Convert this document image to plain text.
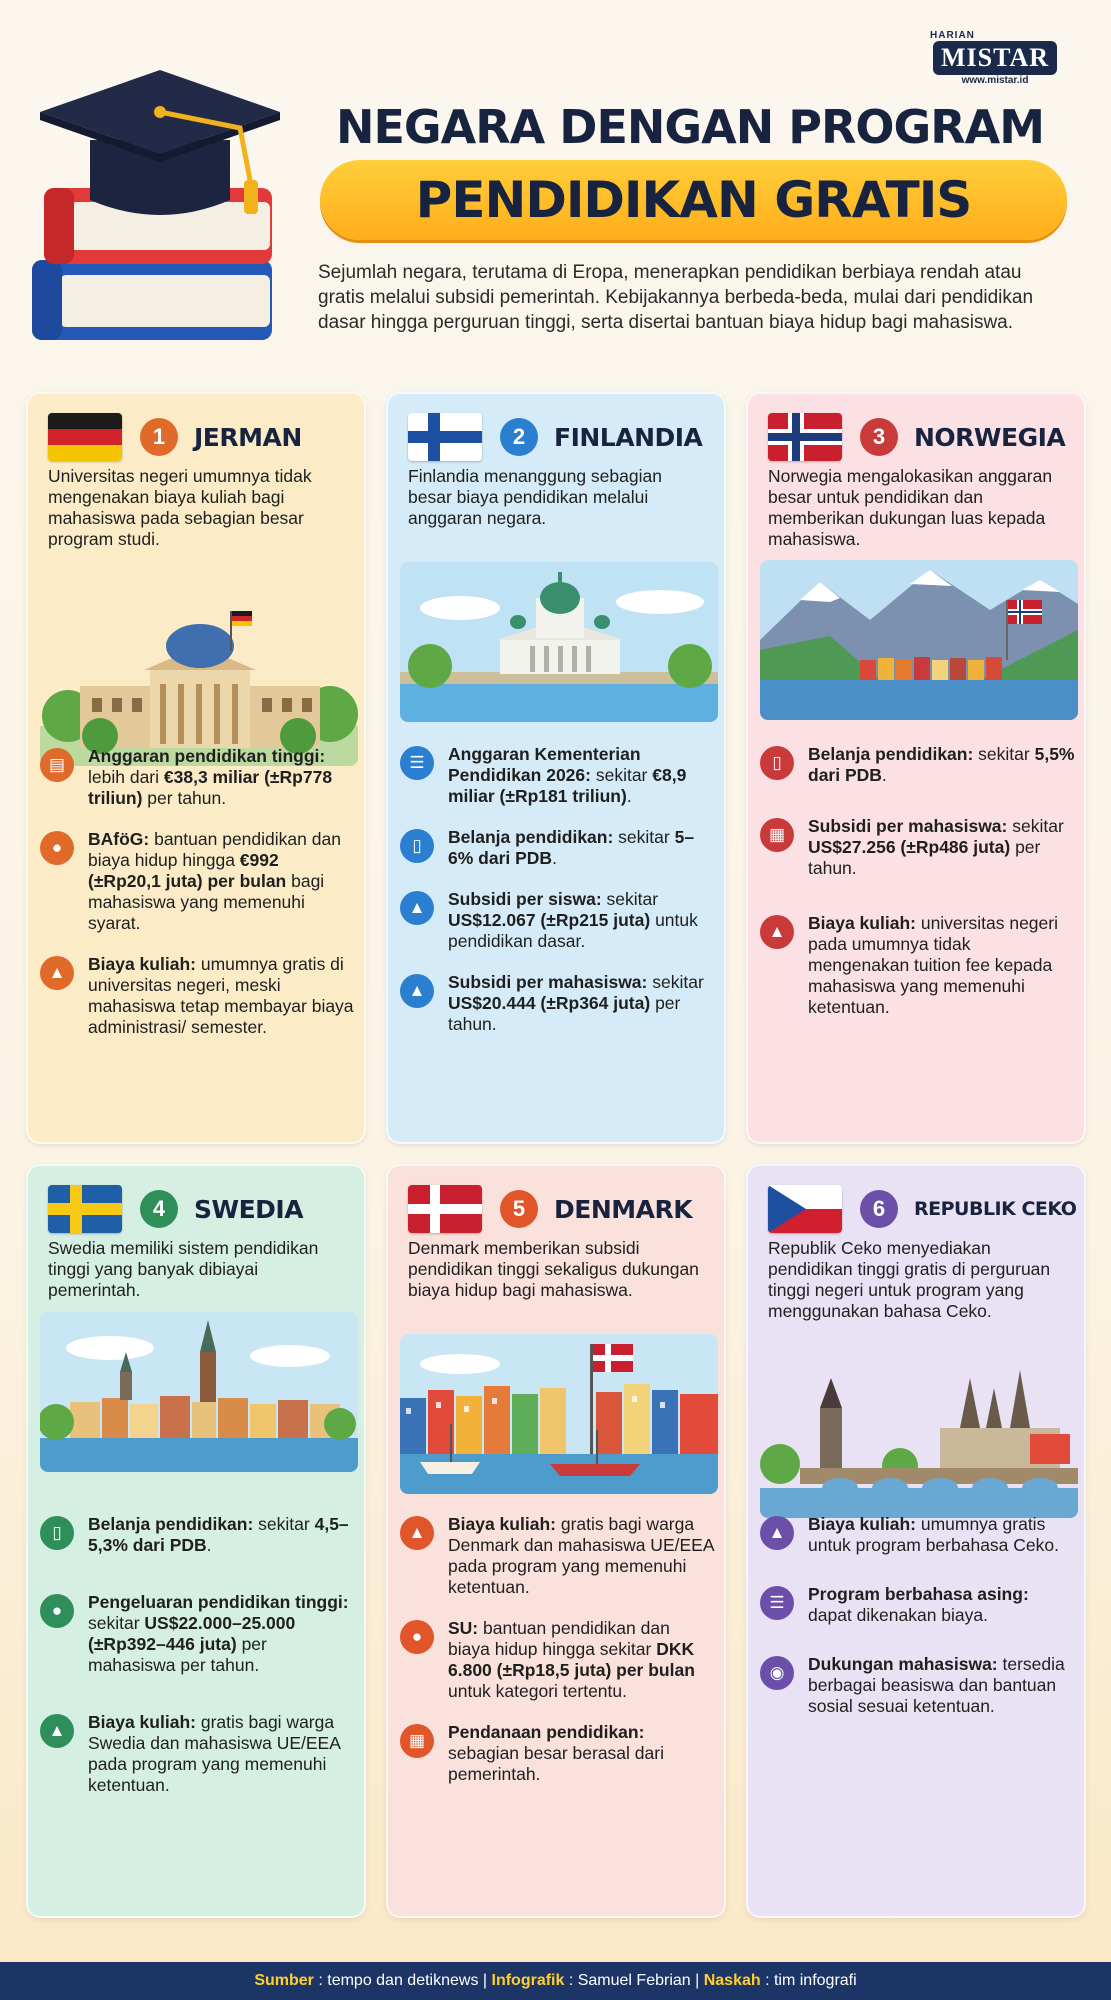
HARIAN
MISTAR
www.mistar.id
NEGARA DENGAN PROGRAM
PENDIDIKAN GRATIS
Sejumlah negara, terutama di Eropa, menerapkan pendidikan berbiaya rendah atau gratis melalui subsidi pemerintah. Kebijakannya berbeda-beda, mulai dari pendidikan dasar hingga perguruan tinggi, serta disertai bantuan biaya hidup bagi mahasiswa.
1	JERMAN
Universitas negeri umumnya tidak mengenakan biaya kuliah bagi mahasiswa pada sebagian besar program studi.
▤	Anggaran pendidikan tinggi: lebih dari €38,3 miliar (±Rp778 triliun) per tahun.
●	BAföG: bantuan pendidikan dan biaya hidup hingga €992 (±Rp20,1 juta) per bulan bagi mahasiswa yang memenuhi syarat.
▲	Biaya kuliah: umumnya gratis di universitas negeri, meski mahasiswa tetap membayar biaya administrasi/ semester.
2	FINLANDIA
Finlandia menanggung sebagian besar biaya pendidikan melalui anggaran negara.
☰	Anggaran Kementerian Pendidikan 2026: sekitar €8,9 miliar (±Rp181 triliun).
▯	Belanja pendidikan: sekitar 5–6% dari PDB.
▲	Subsidi per siswa: sekitar US$12.067 (±Rp215 juta) untuk pendidikan dasar.
▲	Subsidi per mahasiswa: sekitar US$20.444 (±Rp364 juta) per tahun.
3	NORWEGIA
Norwegia mengalokasikan anggaran besar untuk pendidikan dan memberikan dukungan luas kepada mahasiswa.
▯	Belanja pendidikan: sekitar 5,5% dari PDB.
▦	Subsidi per mahasiswa: sekitar US$27.256 (±Rp486 juta) per tahun.
▲	Biaya kuliah: universitas negeri pada umumnya tidak mengenakan tuition fee kepada mahasiswa yang memenuhi ketentuan.
4	SWEDIA
Swedia memiliki sistem pendidikan tinggi yang banyak dibiayai pemerintah.
▯	Belanja pendidikan: sekitar 4,5–5,3% dari PDB.
●	Pengeluaran pendidikan tinggi: sekitar US$22.000–25.000 (±Rp392–446 juta) per mahasiswa per tahun.
▲	Biaya kuliah: gratis bagi warga Swedia dan mahasiswa UE/EEA pada program yang memenuhi ketentuan.
5	DENMARK
Denmark memberikan subsidi pendidikan tinggi sekaligus dukungan biaya hidup bagi mahasiswa.
▲	Biaya kuliah: gratis bagi warga Denmark dan mahasiswa UE/EEA pada program yang memenuhi ketentuan.
●	SU: bantuan pendidikan dan biaya hidup hingga sekitar DKK 6.800 (±Rp18,5 juta) per bulan untuk kategori tertentu.
▦	Pendanaan pendidikan: sebagian besar berasal dari pemerintah.
6	REPUBLIK CEKO
Republik Ceko menyediakan pendidikan tinggi gratis di perguruan tinggi negeri untuk program yang menggunakan bahasa Ceko.
▲	Biaya kuliah: umumnya gratis untuk program berbahasa Ceko.
☰	Program berbahasa asing: dapat dikenakan biaya.
◉	Dukungan mahasiswa: tersedia berbagai beasiswa dan bantuan sosial sesuai ketentuan.
Sumber : tempo dan detiknews | Infografik : Samuel Febrian | Naskah : tim infografi
